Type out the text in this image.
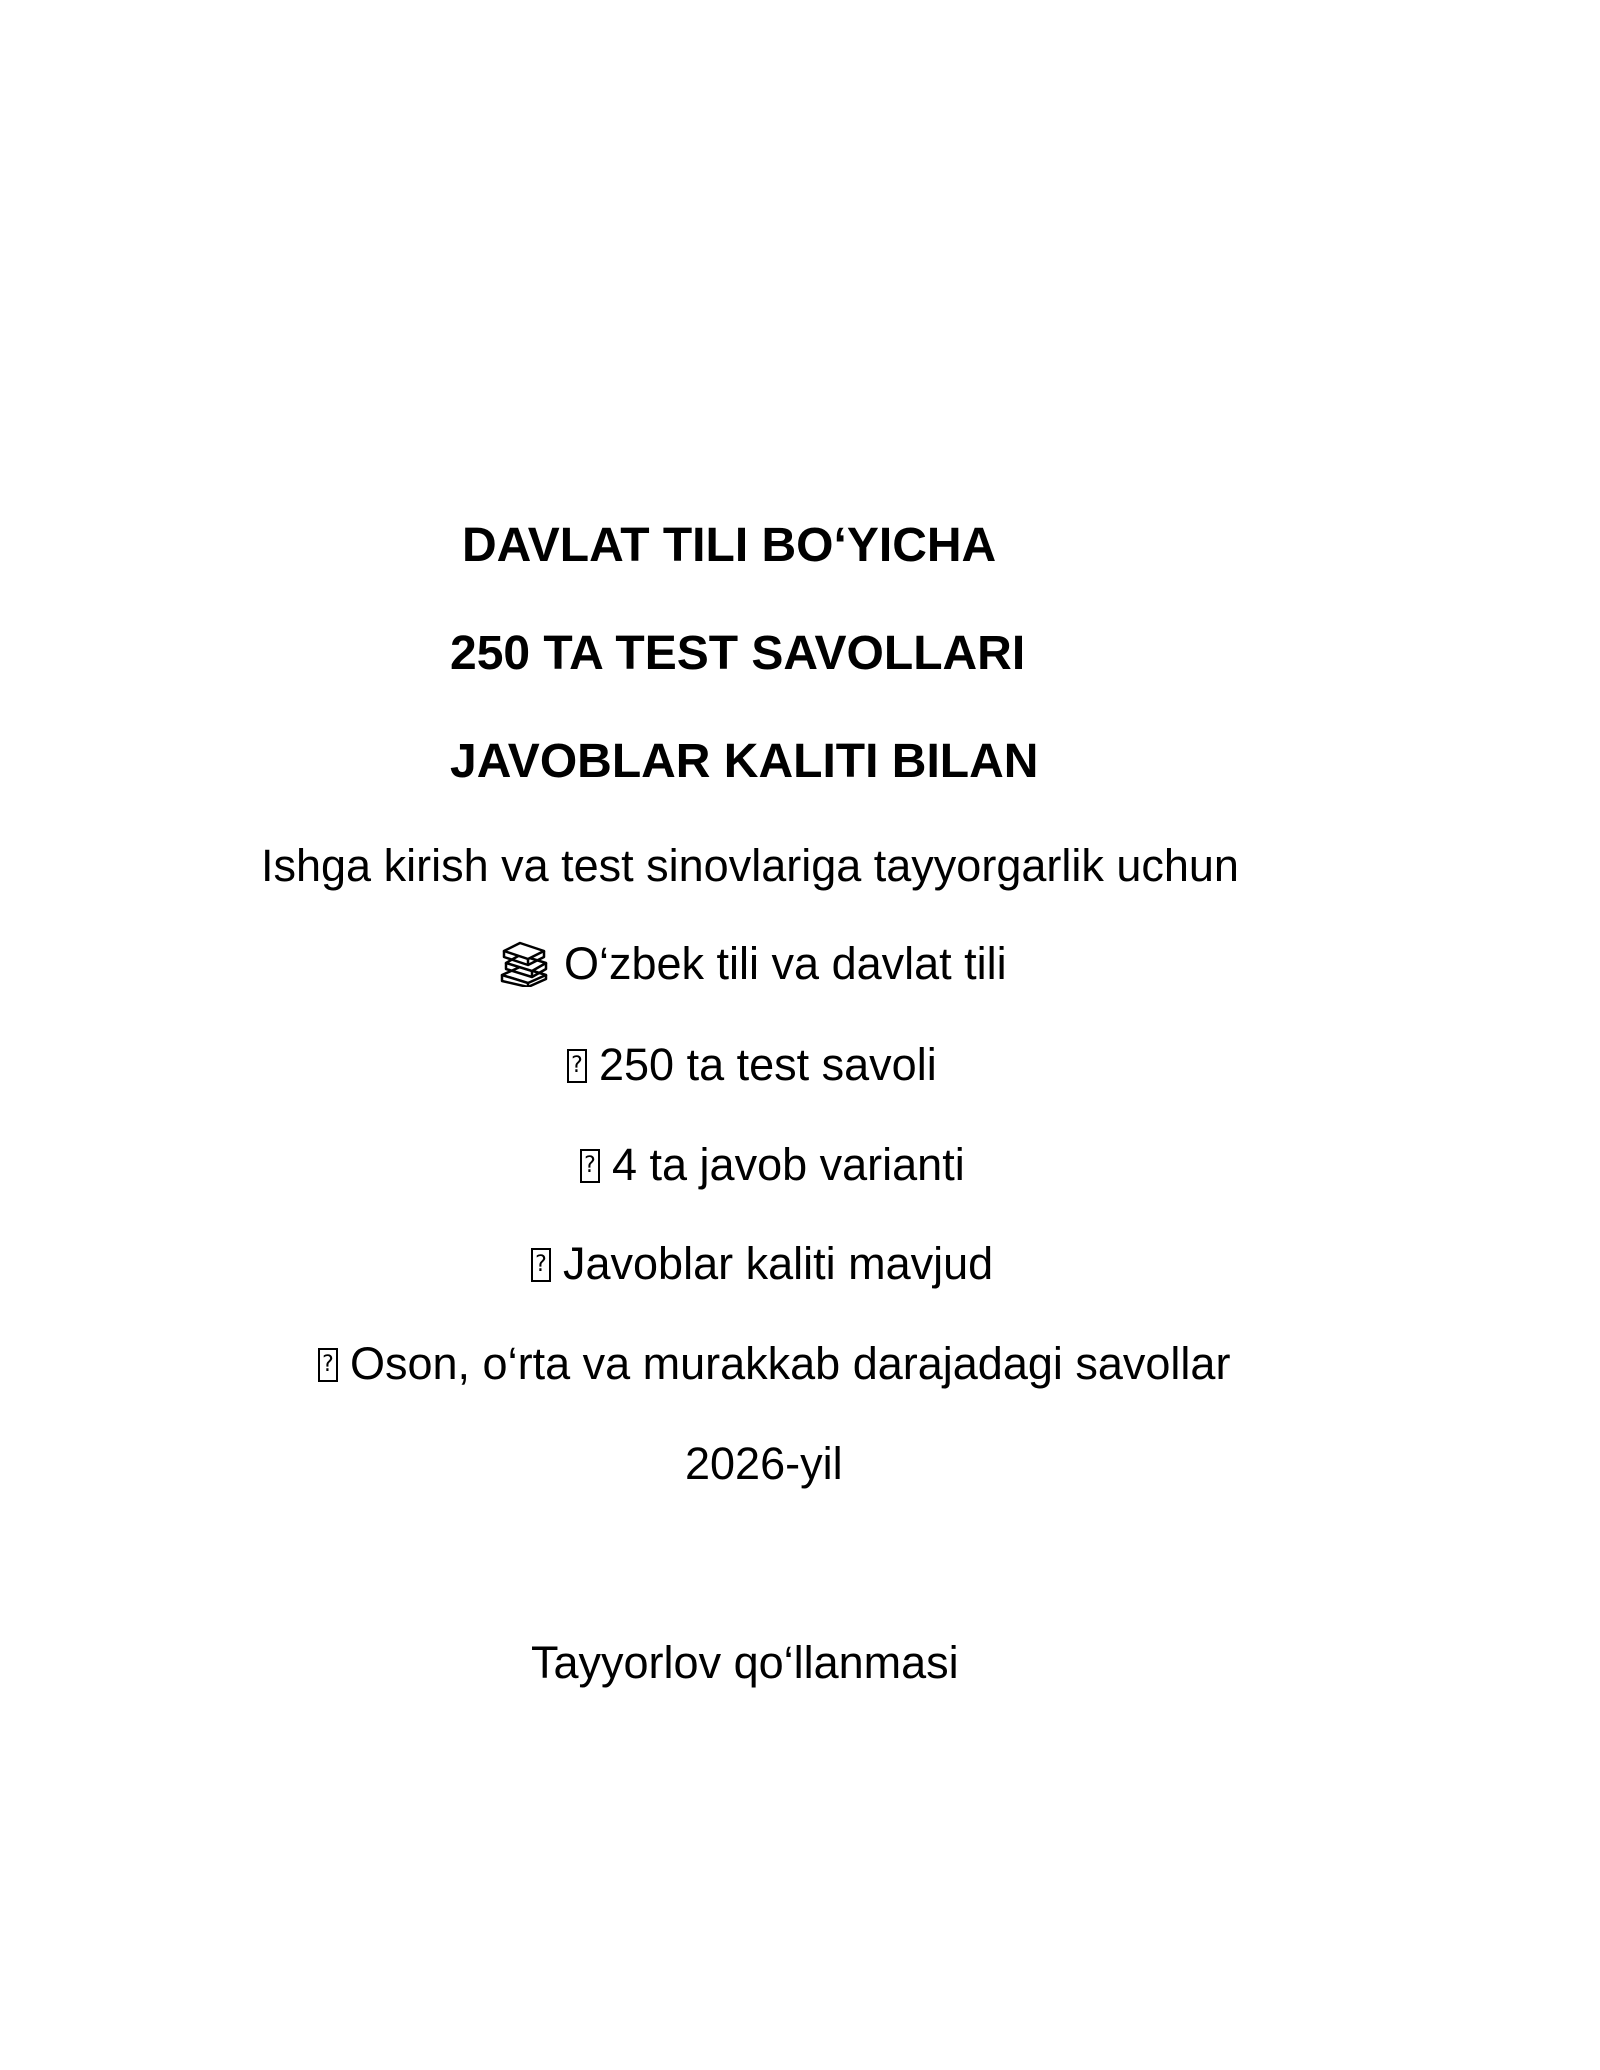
DAVLAT TILI BO‘YICHA
250 TA TEST SAVOLLARI
JAVOBLAR KALITI BILAN
Ishga kirish va test sinovlariga tayyorgarlik uchun
O‘zbek tili va davlat tili
?250 ta test savoli
?4 ta javob varianti
?Javoblar kaliti mavjud
?Oson, o‘rta va murakkab darajadagi savollar
2026-yil
Tayyorlov qo‘llanmasi
